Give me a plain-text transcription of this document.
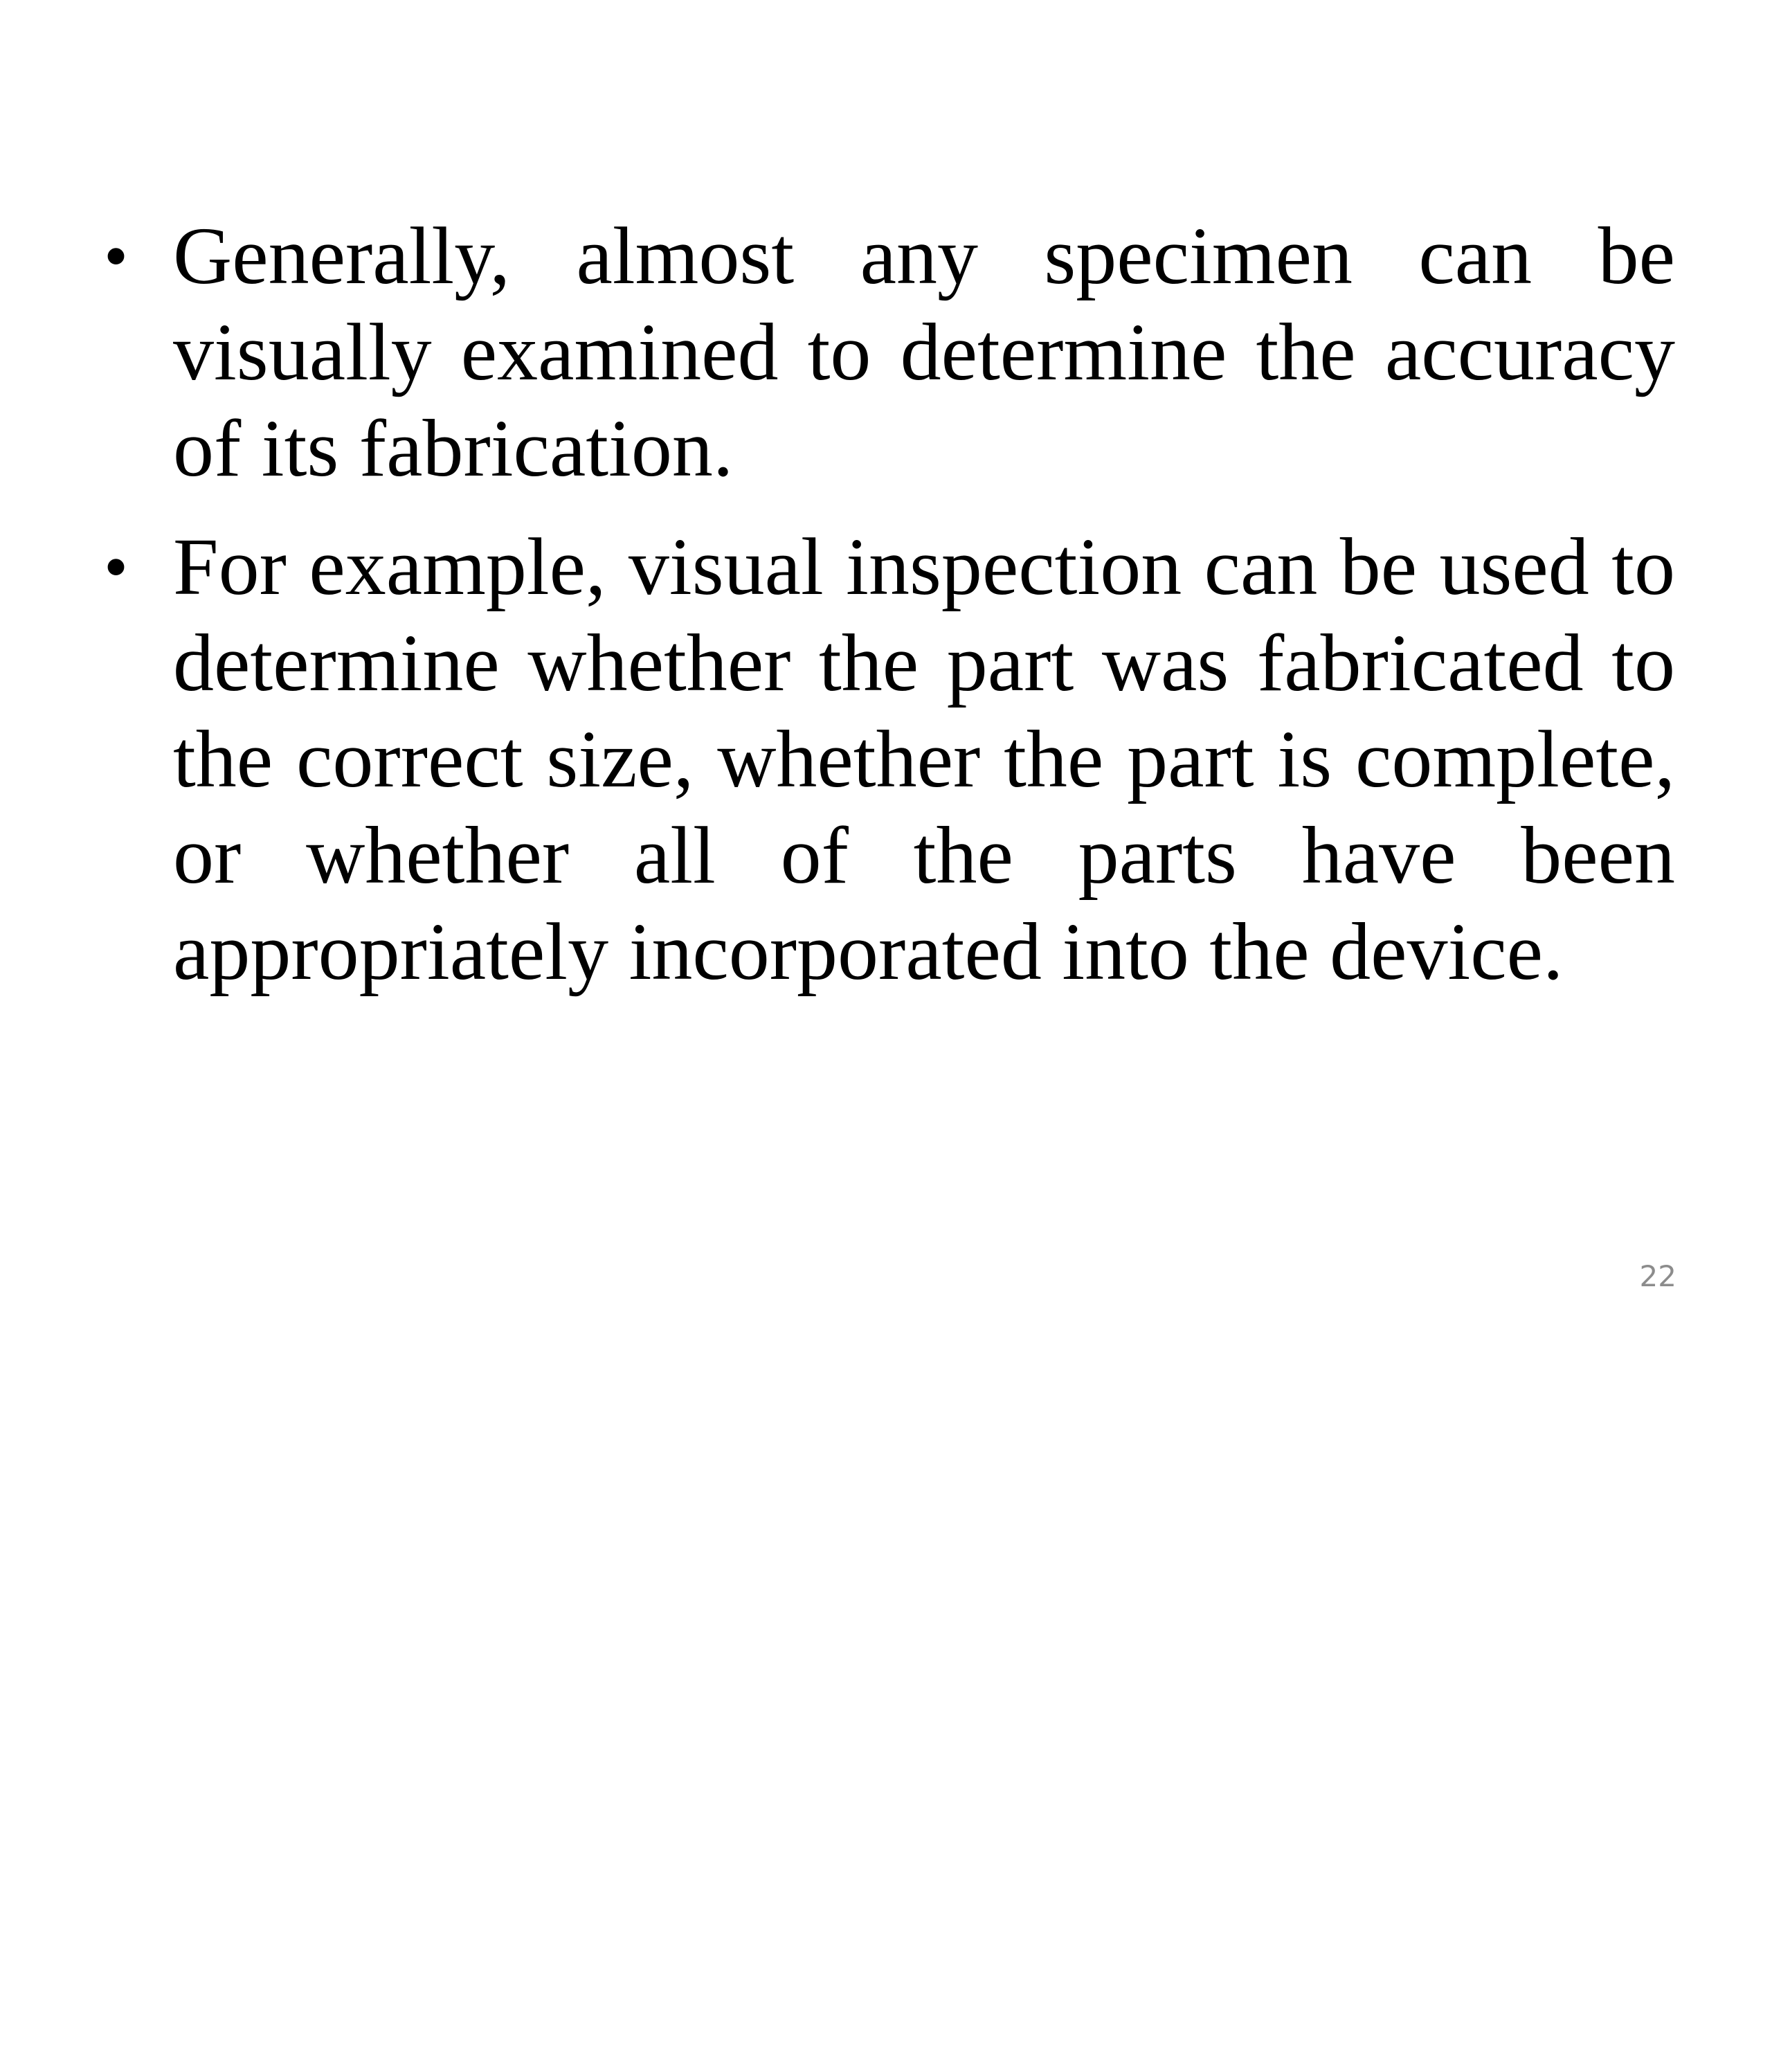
• Generally, almost any specimen can be visually examined to determine the accuracy of its fabrication.
• For example, visual inspection can be used to determine whether the part was fabricated to the correct size, whether the part is complete, or whether all of the parts have been appropriately incorporated into the device.
22
